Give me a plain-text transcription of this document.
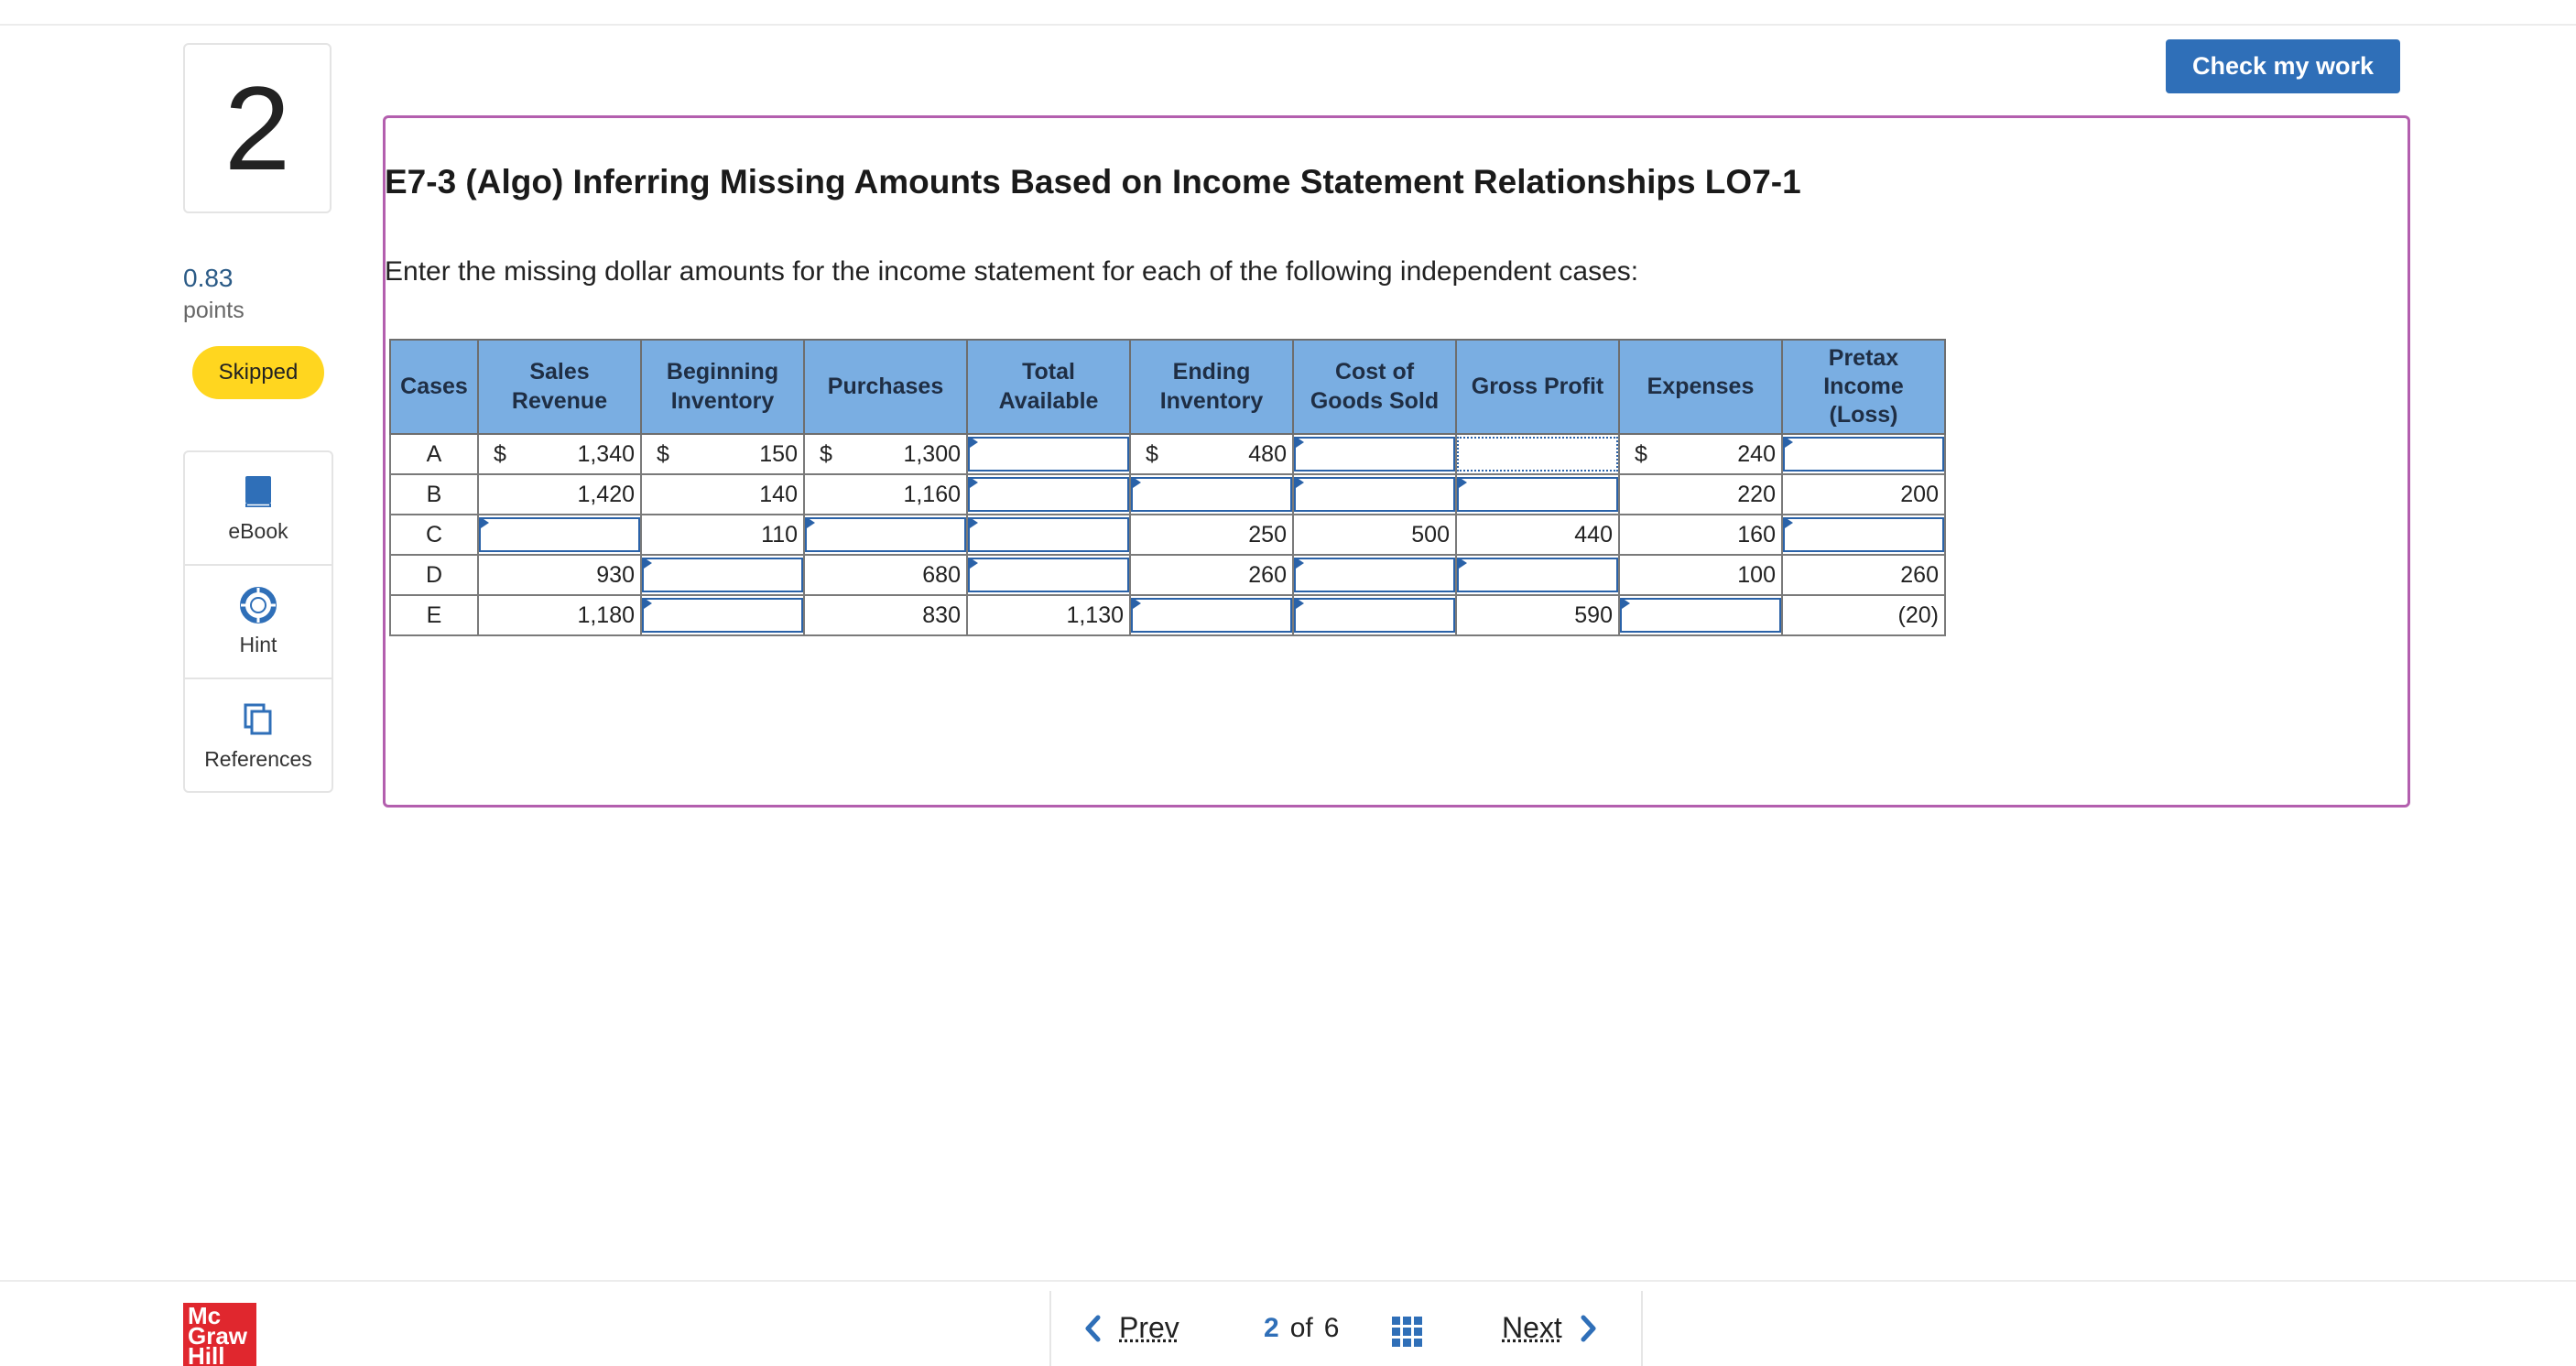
2
0.83
points
Skipped
eBook
Hint
References
Check my work
E7-3 (Algo) Inferring Missing Amounts Based on Income Statement Relationships LO7-1
Enter the missing dollar amounts for the income statement for each of the following independent cases:
Cases	Sales Revenue	Beginning Inventory	Purchases	Total Available	Ending Inventory	Cost of Goods Sold	Gross Profit	Expenses	Pretax Income (Loss)
A	$ 1,340	$ 150	$ 1,300		$ 480			$ 240

B	1,420	140	1,160					220	200

C		110			250	500	440	160

D	930		680		260			100	260

E	1,180		830	1,130			590		(20)
Mc
Graw
Hill
Prev	2 of 6	Next
